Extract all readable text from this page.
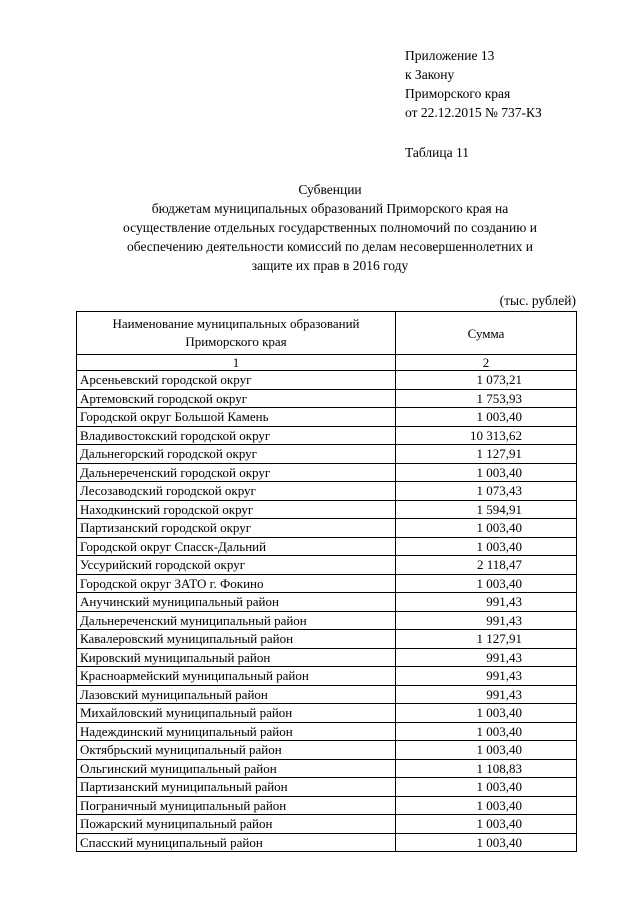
Приложение 13
к Закону
Приморского края
от 22.12.2015 № 737-КЗ
Таблица 11
Субвенции
бюджетам муниципальных образований Приморского края на
осуществление отдельных государственных полномочий по созданию и
обеспечению деятельности комиссий по делам несовершеннолетних и
защите их прав в 2016 году
(тыс. рублей)
Наименование муниципальных образований Приморского края	Сумма
1	2
Арсеньевский городской округ	1 073,21
Артемовский городской округ	1 753,93
Городской округ Большой Камень	1 003,40
Владивостокский городской округ	10 313,62
Дальнегорский городской округ	1 127,91
Дальнереченский городской округ	1 003,40
Лесозаводский городской округ	1 073,43
Находкинский городской округ	1 594,91
Партизанский городской округ	1 003,40
Городской округ Спасск-Дальний	1 003,40
Уссурийский городской округ	2 118,47
Городской округ ЗАТО г. Фокино	1 003,40
Анучинский муниципальный район	991,43
Дальнереченский муниципальный район	991,43
Кавалеровский муниципальный район	1 127,91
Кировский муниципальный район	991,43
Красноармейский муниципальный район	991,43
Лазовский муниципальный район	991,43
Михайловский муниципальный район	1 003,40
Надеждинский муниципальный район	1 003,40
Октябрьский муниципальный район	1 003,40
Ольгинский муниципальный район	1 108,83
Партизанский муниципальный район	1 003,40
Пограничный муниципальный район	1 003,40
Пожарский муниципальный район	1 003,40
Спасский муниципальный район	1 003,40
